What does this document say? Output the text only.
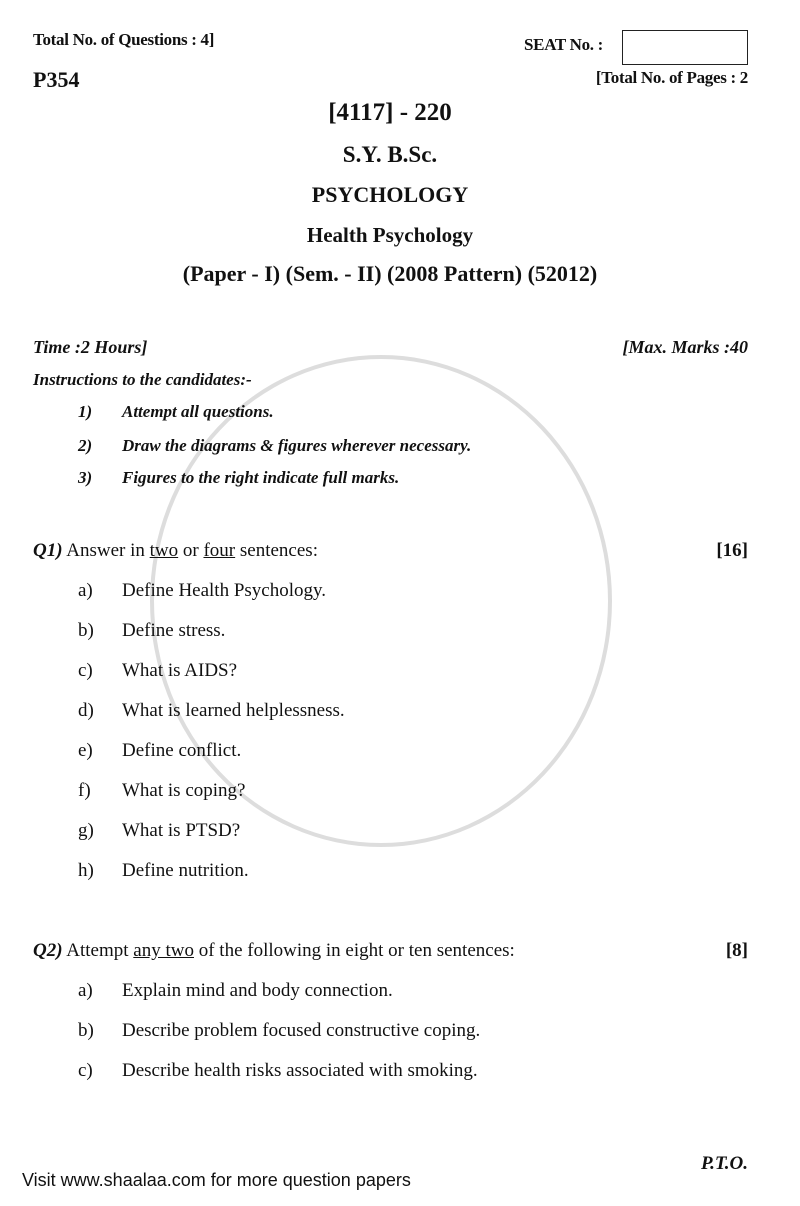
Total No. of Questions : 4]	SEAT No. :
P354	[Total No. of Pages : 2
[4117] - 220
S.Y. B.Sc.
PSYCHOLOGY
Health Psychology
(Paper - I) (Sem. - II) (2008 Pattern) (52012)
Time :2 Hours]	[Max. Marks :40
Instructions to the candidates:-
1) Attempt all questions.
2) Draw the diagrams & figures wherever necessary.
3) Figures to the right indicate full marks.
Q1) Answer in two or four sentences:	[16]
a) Define Health Psychology.
b) Define stress.
c) What is AIDS?
d) What is learned helplessness.
e) Define conflict.
f) What is coping?
g) What is PTSD?
h) Define nutrition.
Q2) Attempt any two of the following in eight or ten sentences:	[8]
a) Explain mind and body connection.
b) Describe problem focused constructive coping.
c) Describe health risks associated with smoking.
P.T.O.
Visit www.shaalaa.com for more question papers
